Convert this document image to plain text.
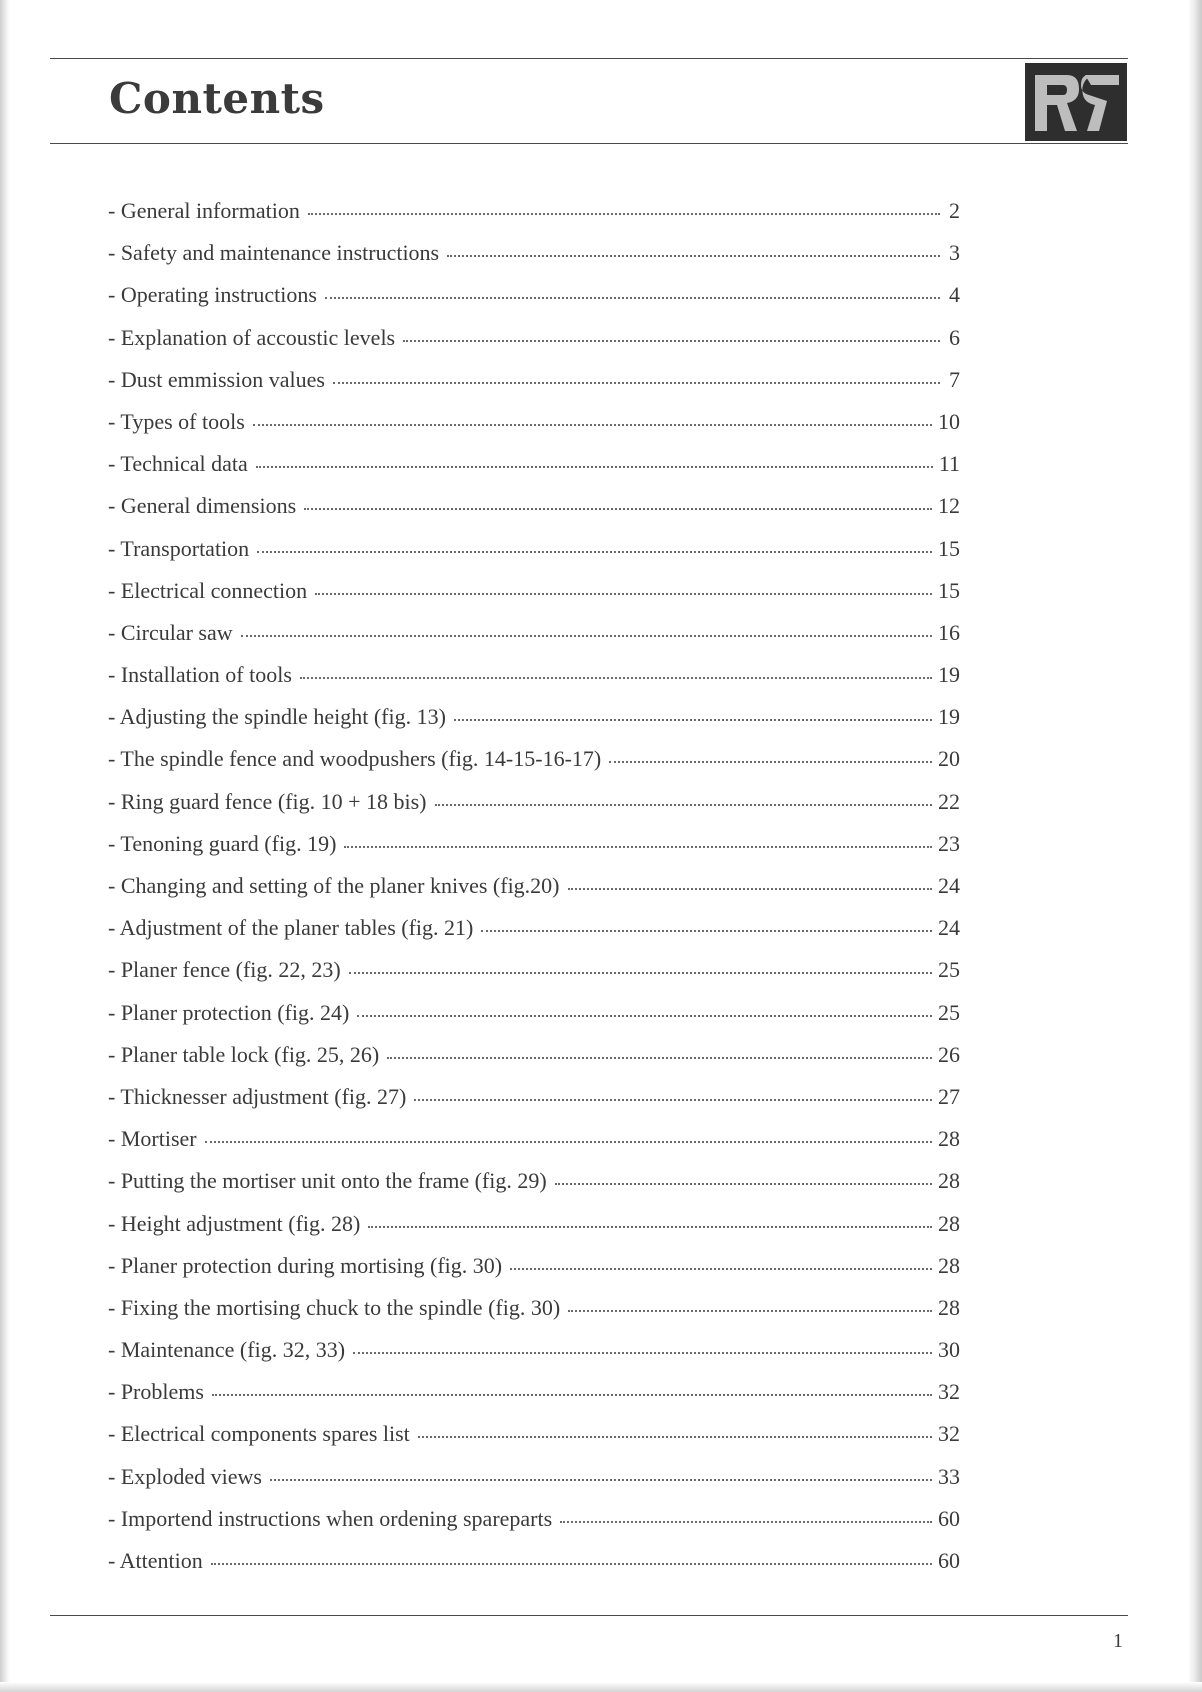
Contents
- General information	2
- Safety and maintenance instructions	3
- Operating instructions	4
- Explanation of accoustic levels	6
- Dust emmission values	7
- Types of tools	10
- Technical data	11
- General dimensions	12
- Transportation	15
- Electrical connection	15
- Circular saw	16
- Installation of tools	19
- Adjusting the spindle height (fig. 13)	19
- The spindle fence and woodpushers (fig. 14-15-16-17)	20
- Ring guard fence (fig. 10 + 18 bis)	22
- Tenoning guard (fig. 19)	23
- Changing and setting of the planer knives (fig.20)	24
- Adjustment of the planer tables (fig. 21)	24
- Planer fence (fig. 22, 23)	25
- Planer protection (fig. 24)	25
- Planer table lock (fig. 25, 26)	26
- Thicknesser adjustment (fig. 27)	27
- Mortiser	28
- Putting the mortiser unit onto the frame (fig. 29)	28
- Height adjustment (fig. 28)	28
- Planer protection during mortising (fig. 30)	28
- Fixing the mortising chuck to the spindle (fig. 30)	28
- Maintenance (fig. 32, 33)	30
- Problems	32
- Electrical components spares list	32
- Exploded views	33
- Importend instructions when ordening spareparts	60
- Attention	60
1
